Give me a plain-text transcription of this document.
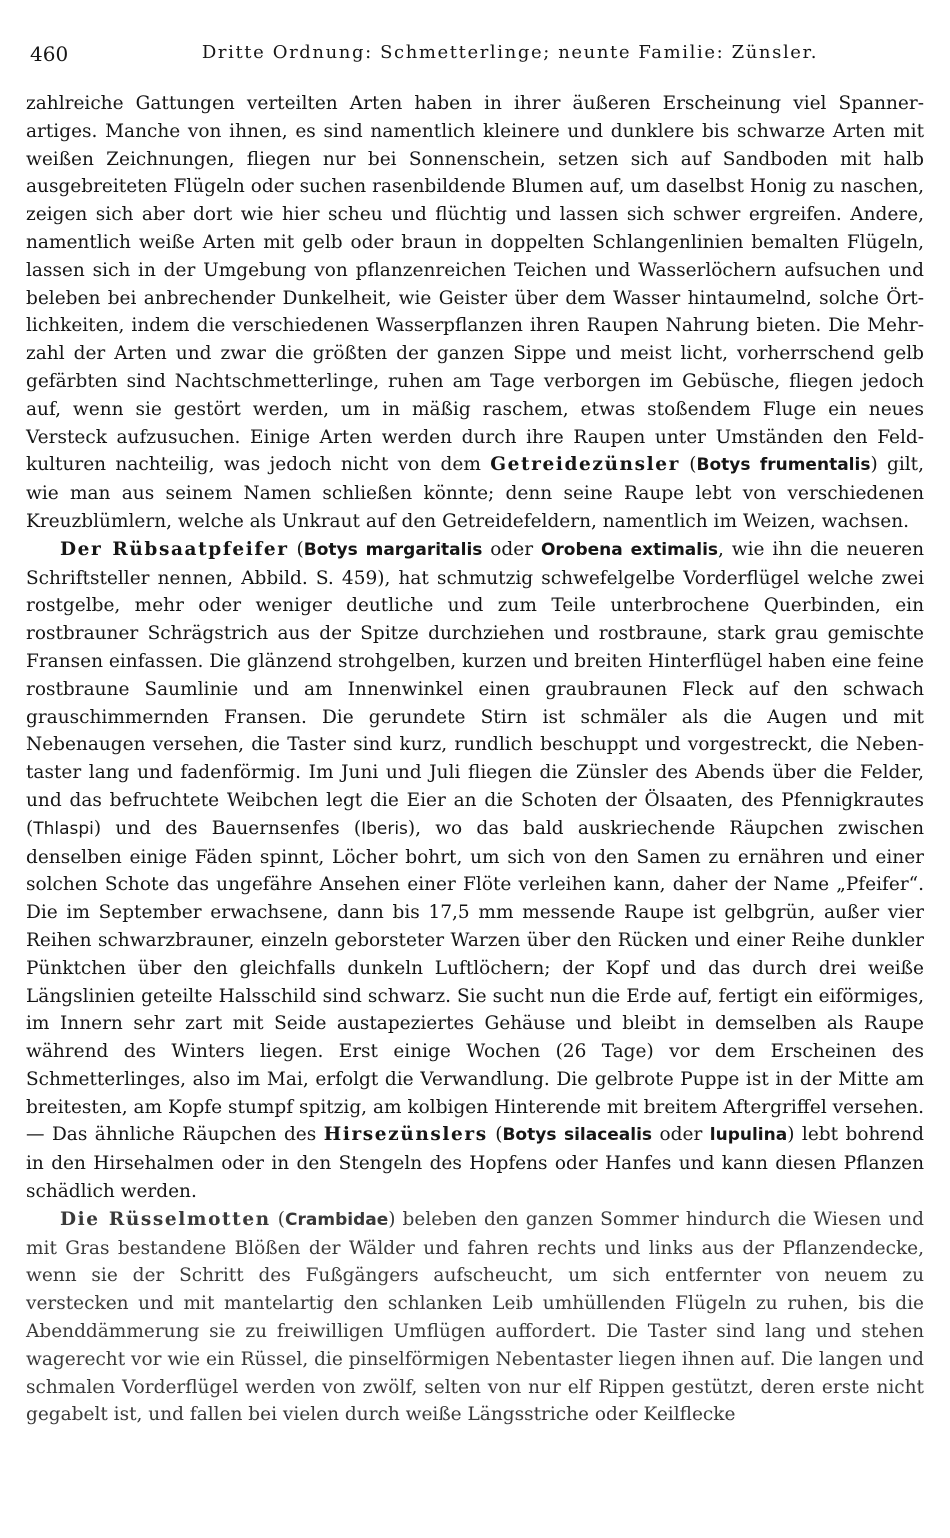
460	Dritte Ordnung: Schmetterlinge; neunte Familie: Zünsler.

zahlreiche Gattungen verteilten Arten haben in ihrer äußeren Erscheinung viel Spannerartiges. Manche von ihnen, es sind namentlich kleinere und dunklere bis schwarze Arten mit weißen Zeichnungen, fliegen nur bei Sonnenschein, setzen sich auf Sandboden mit halb ausgebreiteten Flügeln oder suchen rasenbildende Blumen auf, um daselbst Honig zu naschen, zeigen sich aber dort wie hier scheu und flüchtig und lassen sich schwer ergreifen. Andere, namentlich weiße Arten mit gelb oder braun in doppelten Schlangenlinien bemalten Flügeln, lassen sich in der Umgebung von pflanzenreichen Teichen und Wasserlöchern aufsuchen und beleben bei anbrechender Dunkelheit, wie Geister über dem Wasser hintaumelnd, solche Örtlichkeiten, indem die verschiedenen Wasserpflanzen ihren Raupen Nahrung bieten. Die Mehrzahl der Arten und zwar die größten der ganzen Sippe und meist licht, vorherrschend gelb gefärbten sind Nachtschmetterlinge, ruhen am Tage verborgen im Gebüsche, fliegen jedoch auf, wenn sie gestört werden, um in mäßig raschem, etwas stoßendem Fluge ein neues Versteck aufzusuchen. Einige Arten werden durch ihre Raupen unter Umständen den Feldkulturen nachteilig, was jedoch nicht von dem Getreidezünsler (Botys frumentalis) gilt, wie man aus seinem Namen schließen könnte; denn seine Raupe lebt von verschiedenen Kreuzblümlern, welche als Unkraut auf den Getreidefeldern, namentlich im Weizen, wachsen.

Der Rübsaatpfeifer (Botys margaritalis oder Orobena extimalis, wie ihn die neueren Schriftsteller nennen, Abbild. S. 459), hat schmutzig schwefelgelbe Vorderflügel welche zwei rostgelbe, mehr oder weniger deutliche und zum Teile unterbrochene Querbinden, ein rostbrauner Schrägstrich aus der Spitze durchziehen und rostbraune, stark grau gemischte Fransen einfassen. Die glänzend strohgelben, kurzen und breiten Hinterflügel haben eine feine rostbraune Saumlinie und am Innenwinkel einen graubraunen Fleck auf den schwach grauschimmernden Fransen. Die gerundete Stirn ist schmäler als die Augen und mit Nebenaugen versehen, die Taster sind kurz, rundlich beschuppt und vorgestreckt, die Nebentaster lang und fadenförmig. Im Juni und Juli fliegen die Zünsler des Abends über die Felder, und das befruchtete Weibchen legt die Eier an die Schoten der Ölsaaten, des Pfennigkrautes (Thlaspi) und des Bauernsenfes (Iberis), wo das bald auskriechende Räupchen zwischen denselben einige Fäden spinnt, Löcher bohrt, um sich von den Samen zu ernähren und einer solchen Schote das ungefähre Ansehen einer Flöte verleihen kann, daher der Name „Pfeifer“. Die im September erwachsene, dann bis 17,5 mm messende Raupe ist gelbgrün, außer vier Reihen schwarzbrauner, einzeln geborsteter Warzen über den Rücken und einer Reihe dunkler Pünktchen über den gleichfalls dunkeln Luftlöchern; der Kopf und das durch drei weiße Längslinien geteilte Halsschild sind schwarz. Sie sucht nun die Erde auf, fertigt ein eiförmiges, im Innern sehr zart mit Seide austapeziertes Gehäuse und bleibt in demselben als Raupe während des Winters liegen. Erst einige Wochen (26 Tage) vor dem Erscheinen des Schmetterlinges, also im Mai, erfolgt die Verwandlung. Die gelbrote Puppe ist in der Mitte am breitesten, am Kopfe stumpf spitzig, am kolbigen Hinterende mit breitem Aftergriffel versehen. — Das ähnliche Räupchen des Hirsezünslers (Botys silacealis oder lupulina) lebt bohrend in den Hirsehalmen oder in den Stengeln des Hopfens oder Hanfes und kann diesen Pflanzen schädlich werden.

Die Rüsselmotten (Crambidae) beleben den ganzen Sommer hindurch die Wiesen und mit Gras bestandene Blößen der Wälder und fahren rechts und links aus der Pflanzendecke, wenn sie der Schritt des Fußgängers aufscheucht, um sich entfernter von neuem zu verstecken und mit mantelartig den schlanken Leib umhüllenden Flügeln zu ruhen, bis die Abenddämmerung sie zu freiwilligen Umflügen auffordert. Die Taster sind lang und stehen wagerecht vor wie ein Rüssel, die pinselförmigen Nebentaster liegen ihnen auf. Die langen und schmalen Vorderflügel werden von zwölf, selten von nur elf Rippen gestützt, deren erste nicht gegabelt ist, und fallen bei vielen durch weiße Längsstriche oder Keilflecke
